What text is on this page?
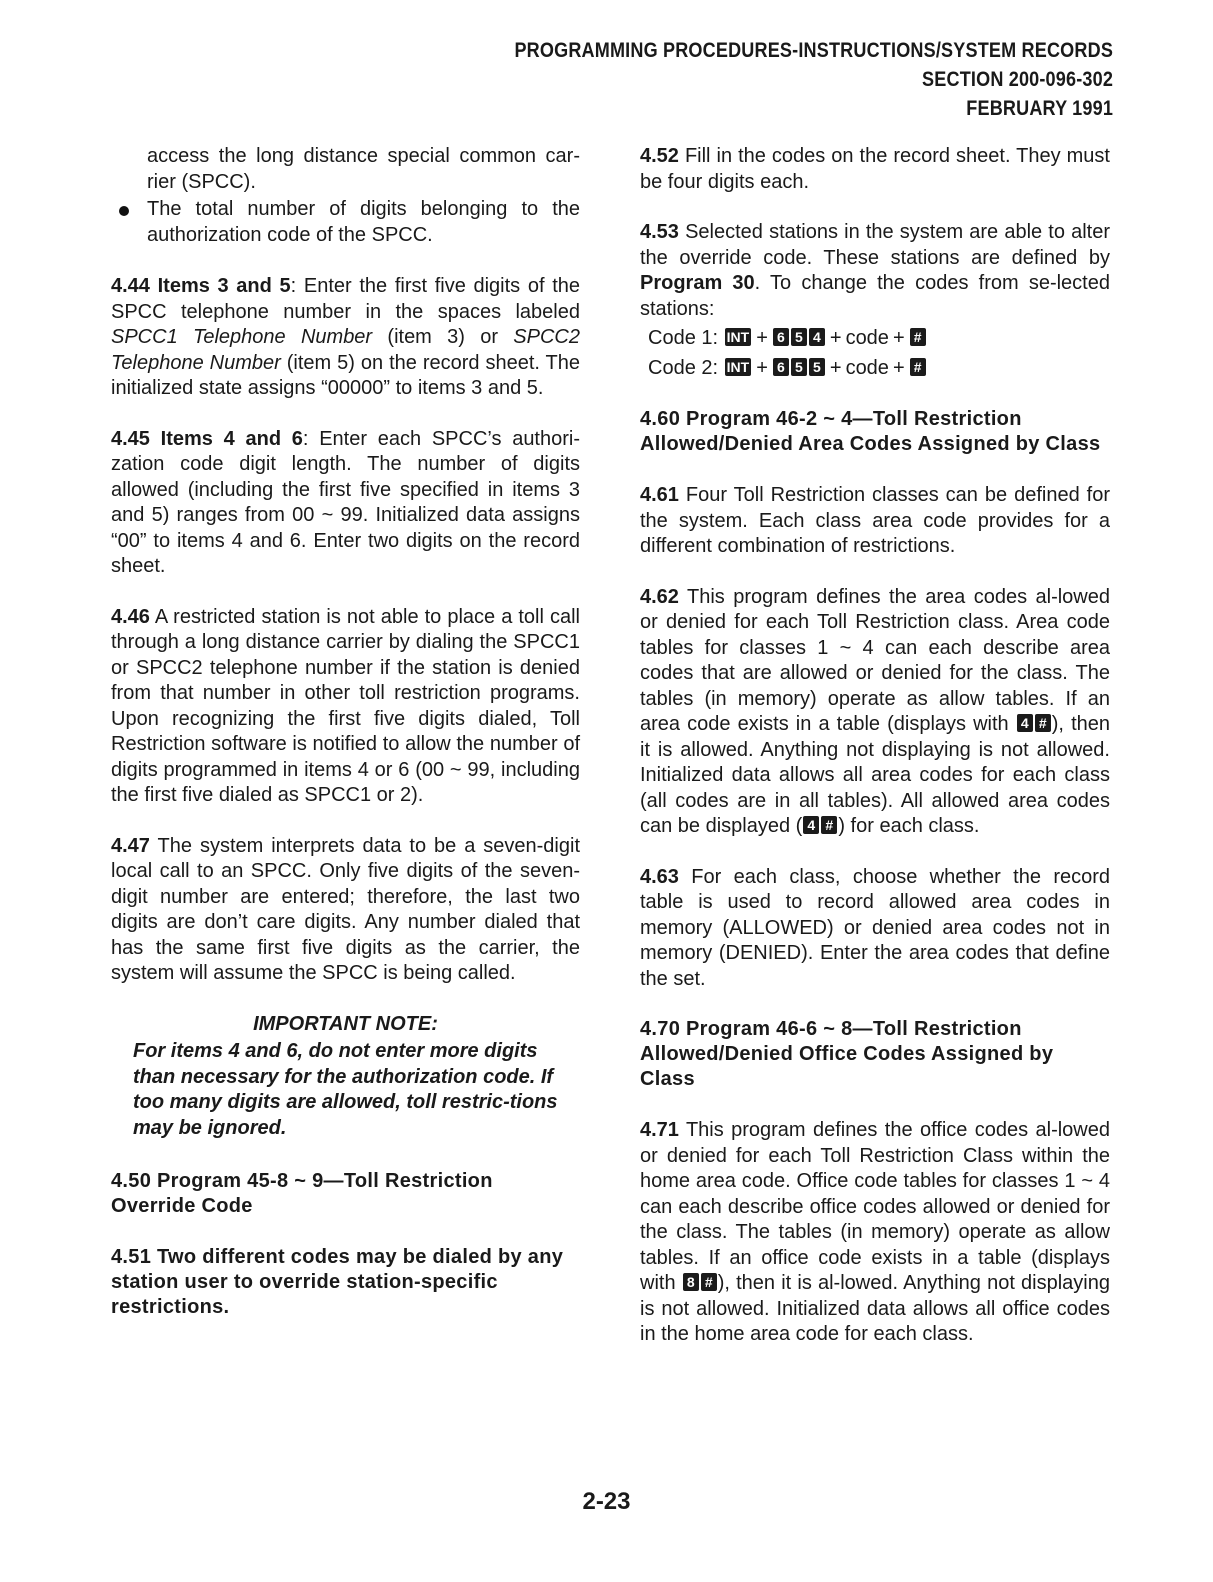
PROGRAMMING PROCEDURES-INSTRUCTIONS/SYSTEM RECORDS
SECTION 200-096-302
FEBRUARY 1991

access the long distance special common car-rier (SPCC).

The total number of digits belonging to the authorization code of the SPCC.

4.44 Items 3 and 5: Enter the first five digits of the SPCC telephone number in the spaces labeled SPCC1 Telephone Number (item 3) or SPCC2 Telephone Number (item 5) on the record sheet. The initialized state assigns “00000” to items 3 and 5.

4.45 Items 4 and 6: Enter each SPCC’s authori-zation code digit length. The number of digits allowed (including the first five specified in items 3 and 5) ranges from 00 ~ 99. Initialized data assigns “00” to items 4 and 6. Enter two digits on the record sheet.

4.46 A restricted station is not able to place a toll call through a long distance carrier by dialing the SPCC1 or SPCC2 telephone number if the station is denied from that number in other toll restriction programs. Upon recognizing the first five digits dialed, Toll Restriction software is notified to allow the number of digits programmed in items 4 or 6 (00 ~ 99, including the first five dialed as SPCC1 or 2).

4.47 The system interprets data to be a seven-digit local call to an SPCC. Only five digits of the seven-digit number are entered; therefore, the last two digits are don’t care digits. Any number dialed that has the same first five digits as the carrier, the system will assume the SPCC is being called.

IMPORTANT NOTE:
For items 4 and 6, do not enter more digits than necessary for the authorization code. If too many digits are allowed, toll restric-tions may be ignored.
4.50 Program 45-8 ~ 9—Toll Restriction Override Code
4.51 Two different codes may be dialed by any station user to override station-specific restrictions.

4.52 Fill in the codes on the record sheet. They must be four digits each.

4.53 Selected stations in the system are able to alter the override code. These stations are defined by Program 30. To change the codes from se-lected stations:

Code 1: INT + 6 5 4 + code + #
Code 2: INT + 6 5 5 + code + #
4.60 Program 46-2 ~ 4—Toll Restriction Allowed/Denied Area Codes Assigned by Class

4.61 Four Toll Restriction classes can be defined for the system. Each class area code provides for a different combination of restrictions.

4.62 This program defines the area codes al-lowed or denied for each Toll Restriction class. Area code tables for classes 1 ~ 4 can each describe area codes that are allowed or denied for the class. The tables (in memory) operate as allow tables. If an area code exists in a table (displays with 4 # ), then it is allowed. Anything not displaying is not allowed. Initialized data allows all area codes for each class (all codes are in all tables). All allowed area codes can be displayed ( 4 # ) for each class.

4.63 For each class, choose whether the record table is used to record allowed area codes in memory (ALLOWED) or denied area codes not in memory (DENIED). Enter the area codes that define the set.

4.70 Program 46-6 ~ 8—Toll Restriction Allowed/Denied Office Codes Assigned by Class

4.71 This program defines the office codes al-lowed or denied for each Toll Restriction Class within the home area code. Office code tables for classes 1 ~ 4 can each describe office codes allowed or denied for the class. The tables (in memory) operate as allow tables. If an office code exists in a table (displays with 8 # ), then it is al-lowed. Anything not displaying is not allowed. Initialized data allows all office codes in the home area code for each class.

2-23
